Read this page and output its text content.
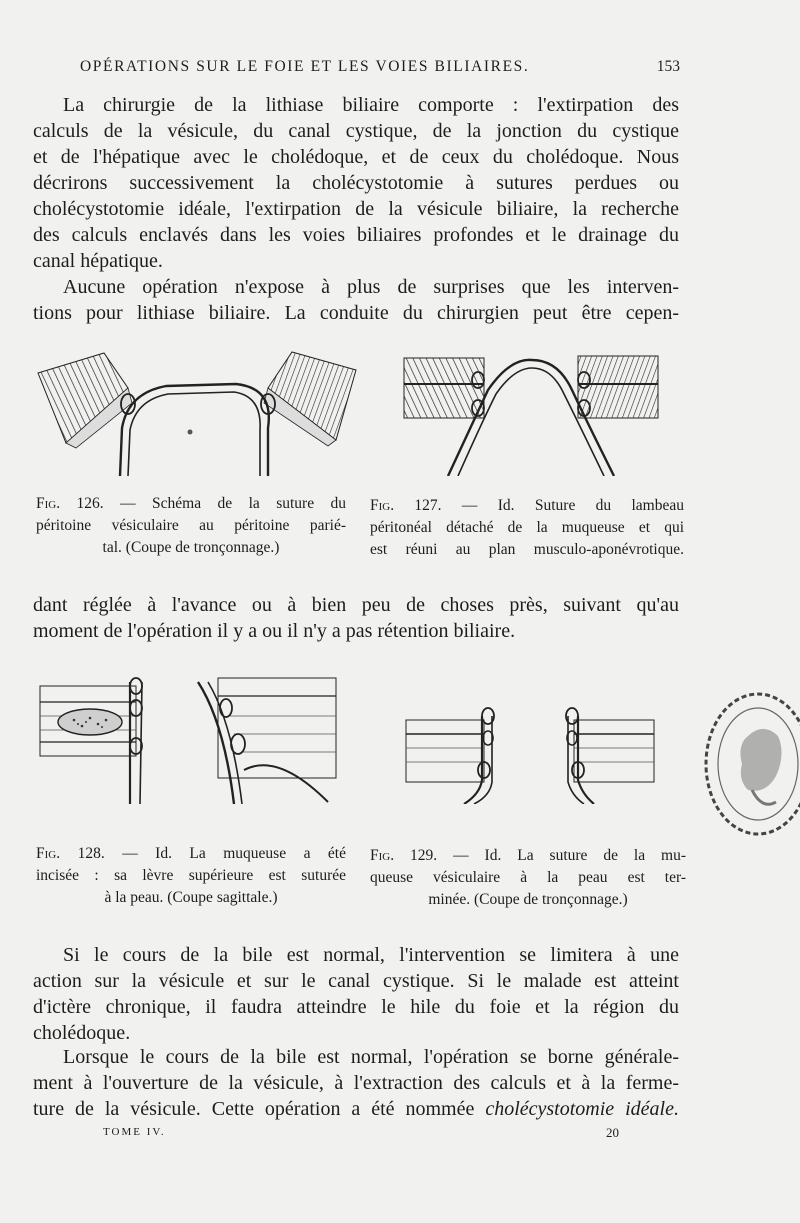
OPÉRATIONS SUR LE FOIE ET LES VOIES BILIAIRES.	153
La chirurgie de la lithiase biliaire comporte : l'extirpation des
calculs de la vésicule, du canal cystique, de la jonction du cystique
et de l'hépatique avec le cholédoque, et de ceux du cholédoque. Nous
décrirons successivement la cholécystotomie à sutures perdues ou
cholécystotomie idéale, l'extirpation de la vésicule biliaire, la recherche
des calculs enclavés dans les voies biliaires profondes et le drainage du
canal hépatique.
Aucune opération n'expose à plus de surprises que les interven-
tions pour lithiase biliaire. La conduite du chirurgien peut être cepen-
Fig. 126. — Schéma de la suture du
péritoine vésiculaire au péritoine parié-
tal. (Coupe de tronçonnage.)
Fig. 127. — Id. Suture du lambeau
péritonéal détaché de la muqueuse et qui
est réuni au plan musculo-aponévrotique.
dant réglée à l'avance ou à bien peu de choses près, suivant qu'au
moment de l'opération il y a ou il n'y a pas rétention biliaire.
Fig. 128. — Id. La muqueuse a été
incisée : sa lèvre supérieure est suturée
à la peau. (Coupe sagittale.)
Fig. 129. — Id. La suture de la mu-
queuse vésiculaire à la peau est ter-
minée. (Coupe de tronçonnage.)
Si le cours de la bile est normal, l'intervention se limitera à une
action sur la vésicule et sur le canal cystique. Si le malade est atteint
d'ictère chronique, il faudra atteindre le hile du foie et la région du
cholédoque.
Lorsque le cours de la bile est normal, l'opération se borne générale-
ment à l'ouverture de la vésicule, à l'extraction des calculs et à la ferme-
ture de la vésicule. Cette opération a été nommée cholécystotomie idéale.
TOME IV.	20
